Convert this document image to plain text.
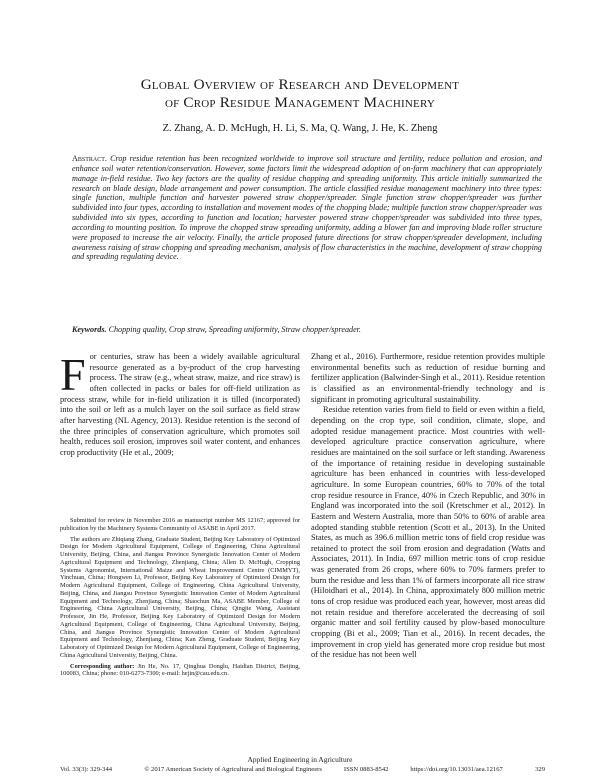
Global Overview of Research and Development
of Crop Residue Management Machinery
Z. Zhang, A. D. McHugh, H. Li, S. Ma, Q. Wang, J. He, K. Zheng
Abstract. Crop residue retention has been recognized worldwide to improve soil structure and fertility, reduce pollution and erosion, and enhance soil water retention/conservation. However, some factors limit the widespread adoption of on-farm machinery that can appropriately manage in-field residue. Two key factors are the quality of residue chopping and spreading uniformity. This article initially summarized the research on blade design, blade arrangement and power consumption. The article classified residue management machinery into three types: single function, multiple function and harvester powered straw chopper/spreader. Single function straw chopper/spreader was further subdivided into four types, according to installation and movement modes of the chopping blade; multiple function straw chopper/spreader was subdivided into six types, according to function and location; harvester powered straw chopper/spreader was subdivided into three types, according to mounting position. To improve the chopped straw spreading uniformity, adding a blower fan and improving blade roller structure were proposed to increase the air velocity. Finally, the article proposed future directions for straw chopper/spreader development, including awareness raising of straw chopping and spreading mechanism, analysis of flow characteristics in the machine, development of straw chopping and spreading regulating device.
Keywords. Chopping quality, Crop straw, Spreading uniformity, Straw chopper/spreader.

For centuries, straw has been a widely available agricultural resource generated as a by-product of the crop harvesting process. The straw (e.g., wheat straw, maize, and rice straw) is often collected in packs or bales for off-field utilization as process straw, while for in-field utilization it is tilled (incorporated) into the soil or left as a mulch layer on the soil surface as field straw after harvesting (NL Agency, 2013). Residue retention is the second of the three principles of conservation agriculture, which promotes soil health, reduces soil erosion, improves soil water content, and enhances crop productivity (He et al., 2009;

Zhang et al., 2016). Furthermore, residue retention provides multiple environmental benefits such as reduction of residue burning and fertilizer application (Balwinder-Singh et al., 2011). Residue retention is classified as an environmental-friendly technology and is significant in promoting agricultural sustainability.

Residue retention varies from field to field or even within a field, depending on the crop type, soil condition, climate, slope, and adopted residue management practice. Most countries with well-developed agriculture practice conservation agriculture, where residues are maintained on the soil surface or left standing. Awareness of the importance of retaining residue in developing sustainable agriculture has been enhanced in countries with less-developed agriculture. In some European countries, 60% to 70% of the total crop residue resource in France, 40% in Czech Republic, and 30% in England was incorporated into the soil (Kretschmer et al., 2012). In Eastern and Western Australia, more than 50% to 60% of arable area adopted standing stubble retention (Scott et al., 2013). In the United States, as much as 396.6 million metric tons of field crop residue was retained to protect the soil from erosion and degradation (Watts and Associates, 2011). In India, 697 million metric tons of crop residue was generated from 26 crops, where 60% to 70% farmers prefer to burn the residue and less than 1% of farmers incorporate all rice straw (Hiloidhari et al., 2014). In China, approximately 800 million metric tons of crop residue was produced each year, however, most areas did not retain residue and therefore accelerated the decreasing of soil organic matter and soil fertility caused by plow-based monoculture cropping (Bi et al., 2009; Tian et al., 2016). In recent decades, the improvement in crop yield has generated more crop residue but most of the residue has not been well

Submitted for review in November 2016 as manuscript number MS 12167; approved for publication by the Machinery Systems Community of ASABE in April 2017.

The authors are Zhiqiang Zhang, Graduate Student, Beijing Key Laboratory of Optimized Design for Modern Agricultural Equipment, College of Engineering, China Agricultural University, Beijing, China, and Jiangsu Province Synergistic Innovation Center of Modern Agricultural Equipment and Technology, Zhenjiang, China; Allen D. McHugh, Cropping Systems Agronomist, International Maize and Wheat Improvement Centre (CIMMYT), Yinchuan, China; Hongwen Li, Professor, Beijing Key Laboratory of Optimized Design for Modern Agricultural Equipment, College of Engineering, China Agricultural University, Beijing, China, and Jiangsu Province Synergistic Innovation Center of Modern Agricultural Equipment and Technology, Zhenjiang, China; Shaochun Ma, ASABE Member, College of Engineering, China Agricultural University, Beijing, China; Qingjie Wang, Assistant Professor, Jin He, Professor, Beijing Key Laboratory of Optimized Design for Modern Agricultural Equipment, College of Engineering, China Agricultural University, Beijing, China, and Jiangsu Province Synergistic Innovation Center of Modern Agricultural Equipment and Technology, Zhenjiang, China; Kan Zheng, Graduate Student, Beijing Key Laboratory of Optimized Design for Modern Agricultural Equipment, College of Engineering, China Agricultural University, Beijing, China.

Corresponding author: Jin He, No. 17, Qinghua Donglu, Haidian District, Beijing, 100083, China; phone: 010-6273-7300; e-mail: hejin@cau.edu.cn.

Applied Engineering in Agriculture
Vol. 33(3): 329-344	© 2017 American Society of Agricultural and Biological Engineers	ISSN 0883-8542	https://doi.org/10.13031/aea.12167	329
